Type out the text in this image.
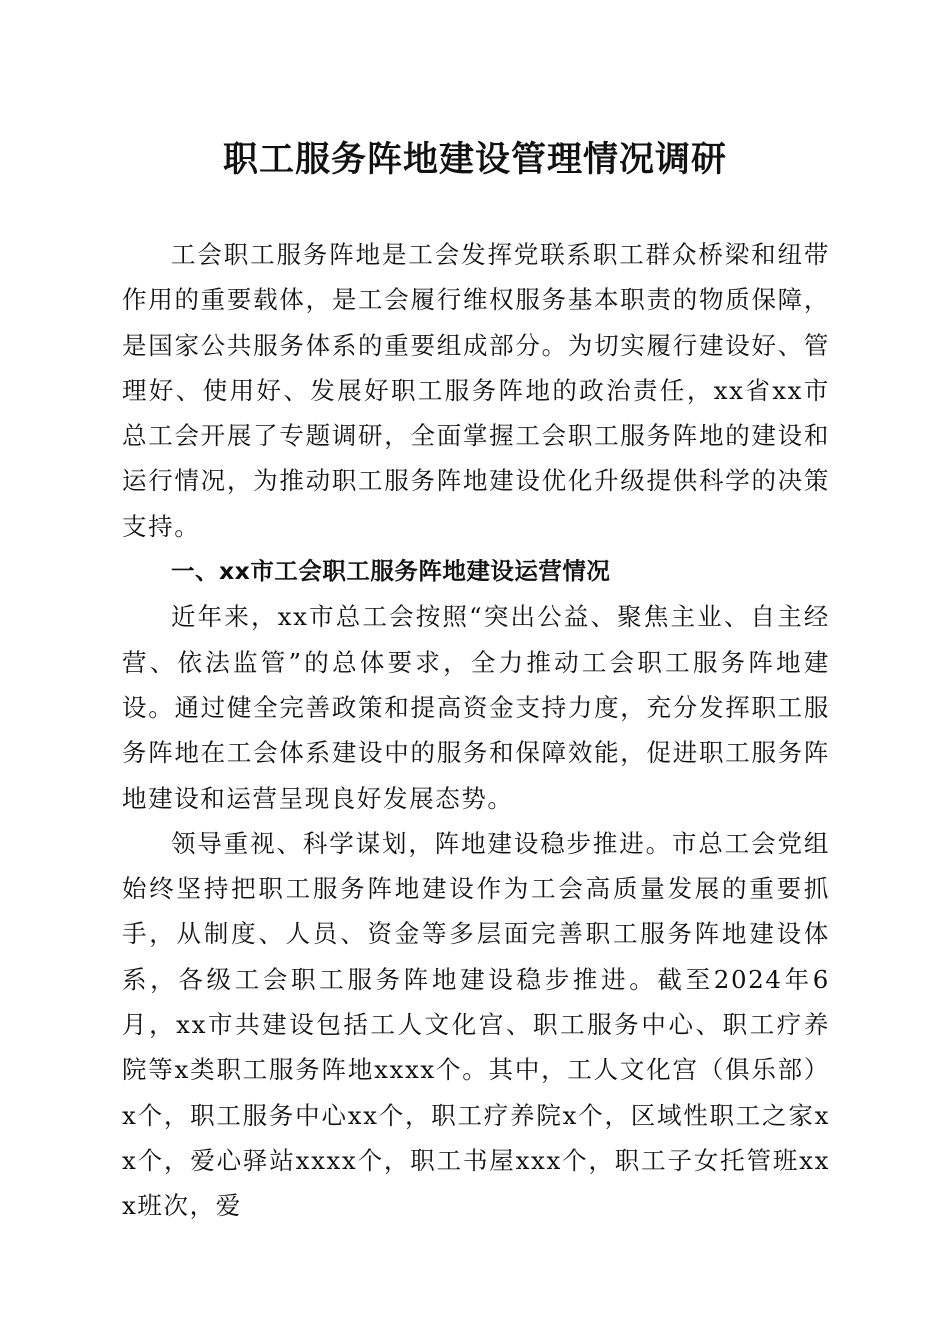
职工服务阵地建设管理情况调研

工会职工服务阵地是工会发挥党联系职工群众桥梁和纽带作用的重要载体，是工会履行维权服务基本职责的物质保障，是国家公共服务体系的重要组成部分。为切实履行建设好、管理好、使用好、发展好职工服务阵地的政治责任，xx省xx市总工会开展了专题调研，全面掌握工会职工服务阵地的建设和运行情况，为推动职工服务阵地建设优化升级提供科学的决策支持。

一、xx市工会职工服务阵地建设运营情况

近年来，xx市总工会按照“突出公益、聚焦主业、自主经营、依法监管”的总体要求，全力推动工会职工服务阵地建设。通过健全完善政策和提高资金支持力度，充分发挥职工服务阵地在工会体系建设中的服务和保障效能，促进职工服务阵地建设和运营呈现良好发展态势。

领导重视、科学谋划，阵地建设稳步推进。市总工会党组始终坚持把职工服务阵地建设作为工会高质量发展的重要抓手，从制度、人员、资金等多层面完善职工服务阵地建设体系，各级工会职工服务阵地建设稳步推进。截至2024年6月，xx市共建设包括工人文化宫、职工服务中心、职工疗养院等x类职工服务阵地xxxx个。其中，工人文化宫（俱乐部）x个，职工服务中心xx个，职工疗养院x个，区域性职工之家xx个，爱心驿站xxxx个，职工书屋xxx个，职工子女托管班xxx班次，爱
